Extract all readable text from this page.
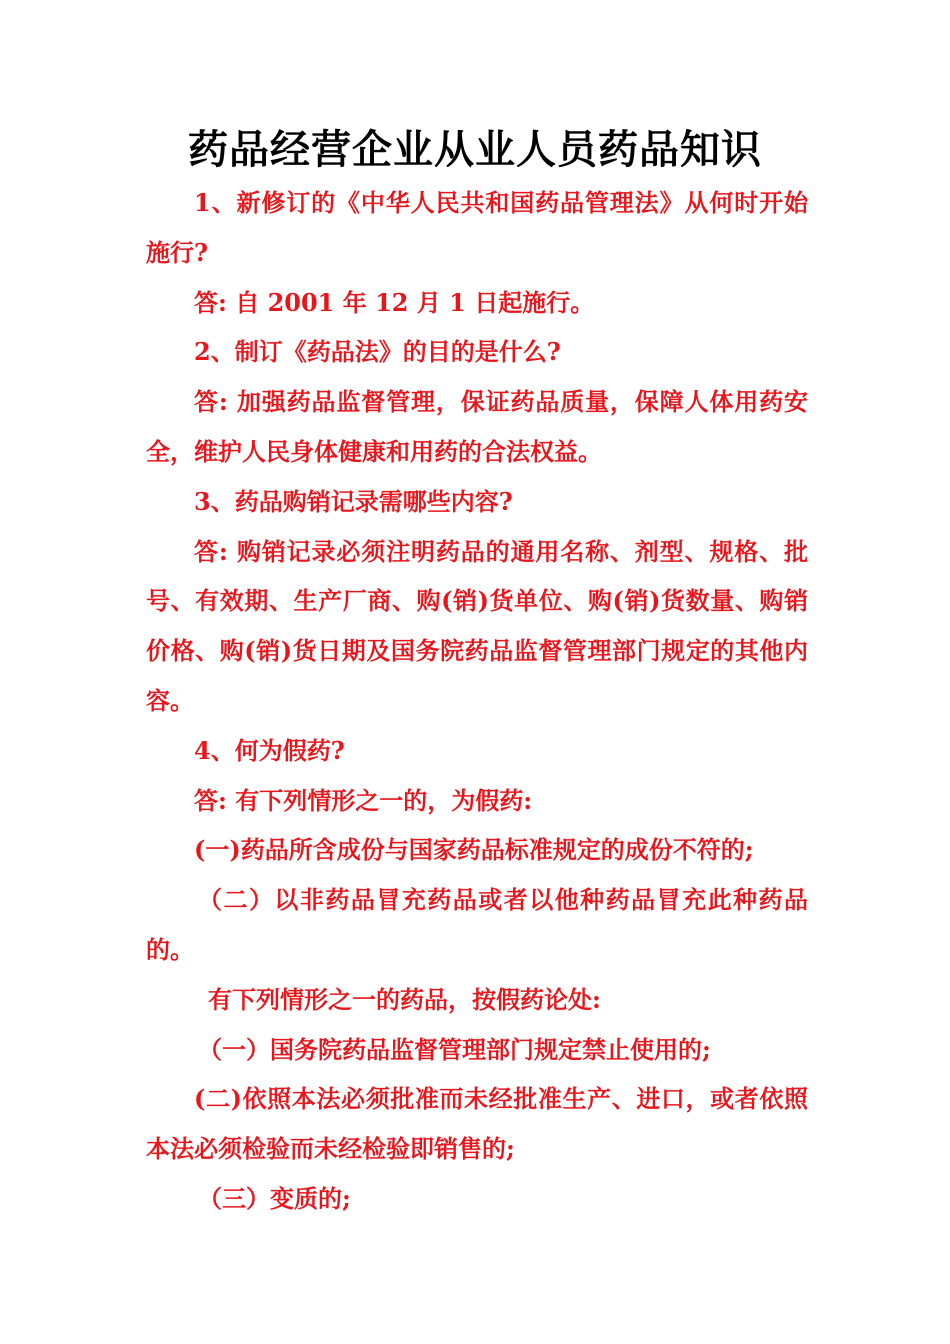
药品经营企业从业人员药品知识

1、新修订的《中华人民共和国药品管理法》从何时开始施行?

答: 自 2001 年 12 月 1 日起施行。

2、制订《药品法》的目的是什么?

答: 加强药品监督管理，保证药品质量，保障人体用药安全，维护人民身体健康和用药的合法权益。

3、药品购销记录需哪些内容?

答: 购销记录必须注明药品的通用名称、剂型、规格、批号、有效期、生产厂商、购(销)货单位、购(销)货数量、购销价格、购(销)货日期及国务院药品监督管理部门规定的其他内容。

4、何为假药?

答: 有下列情形之一的，为假药:

(一)药品所含成份与国家药品标准规定的成份不符的;

（二）以非药品冒充药品或者以他种药品冒充此种药品的。

有下列情形之一的药品，按假药论处:

（一）国务院药品监督管理部门规定禁止使用的;

(二)依照本法必须批准而未经批准生产、进口，或者依照本法必须检验而未经检验即销售的;

（三）变质的;
